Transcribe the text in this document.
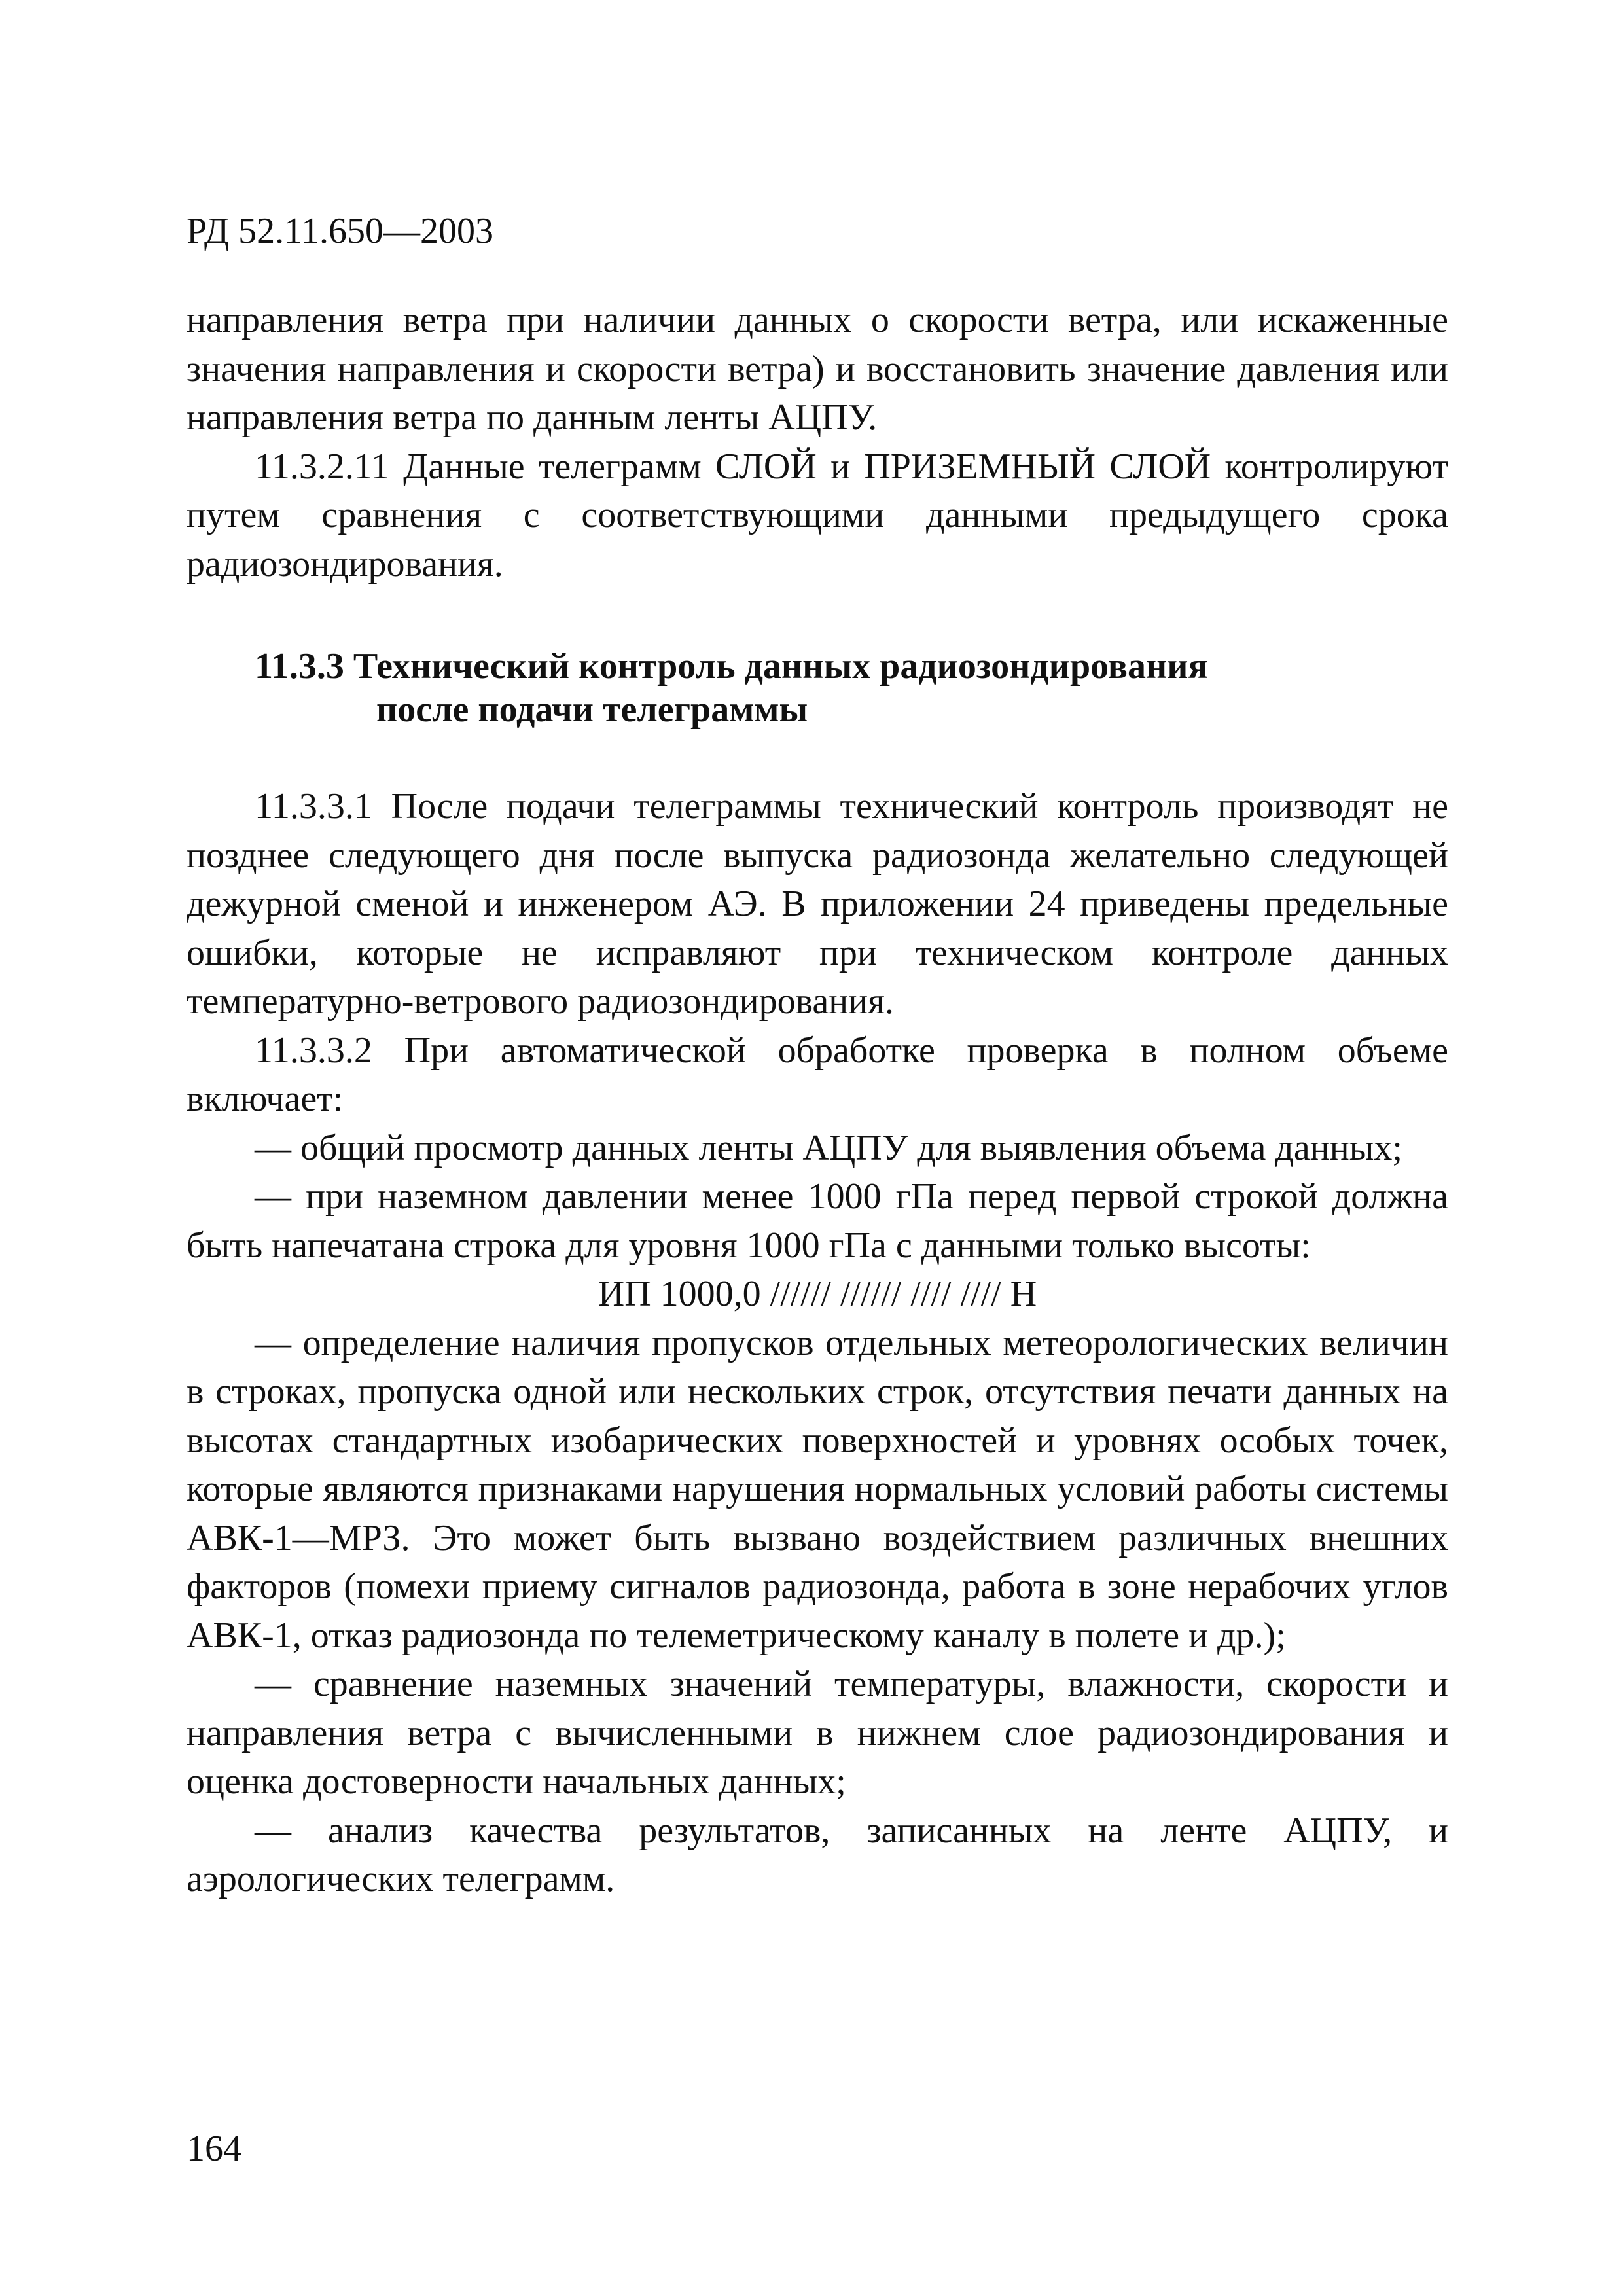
РД 52.11.650—2003

направления ветра при наличии данных о скорости ветра, или искаженные значения направления и скорости ветра) и восстановить значение давления или направления ветра по данным ленты АЦПУ.

11.3.2.11 Данные телеграмм СЛОЙ и ПРИЗЕМНЫЙ СЛОЙ контролируют путем сравнения с соответствующими данными предыдущего срока радиозондирования.

11.3.3 Технический контроль данных радиозондирования
после подачи телеграммы

11.3.3.1 После подачи телеграммы технический контроль производят не позднее следующего дня после выпуска радиозонда желательно следующей дежурной сменой и инженером АЭ. В приложении 24 приведены предельные ошибки, которые не исправляют при техническом контроле данных температурно-ветрового радиозондирования.

11.3.3.2 При автоматической обработке проверка в полном объеме включает:

— общий просмотр данных ленты АЦПУ для выявления объема данных;

— при наземном давлении менее 1000 гПа перед первой строкой должна быть напечатана строка для уровня 1000 гПа с данными только высоты:

ИП 1000,0 ////// ////// //// //// Н

— определение наличия пропусков отдельных метеорологических величин в строках, пропуска одной или нескольких строк, отсутствия печати данных на высотах стандартных изобарических поверхностей и уровнях особых точек, которые являются признаками нарушения нормальных условий работы системы АВК-1—МРЗ. Это может быть вызвано воздействием различных внешних факторов (помехи приему сигналов радиозонда, работа в зоне нерабочих углов АВК-1, отказ радиозонда по телеметрическому каналу в полете и др.);

— сравнение наземных значений температуры, влажности, скорости и направления ветра с вычисленными в нижнем слое радиозондирования и оценка достоверности начальных данных;

— анализ качества результатов, записанных на ленте АЦПУ, и аэрологических телеграмм.

164
